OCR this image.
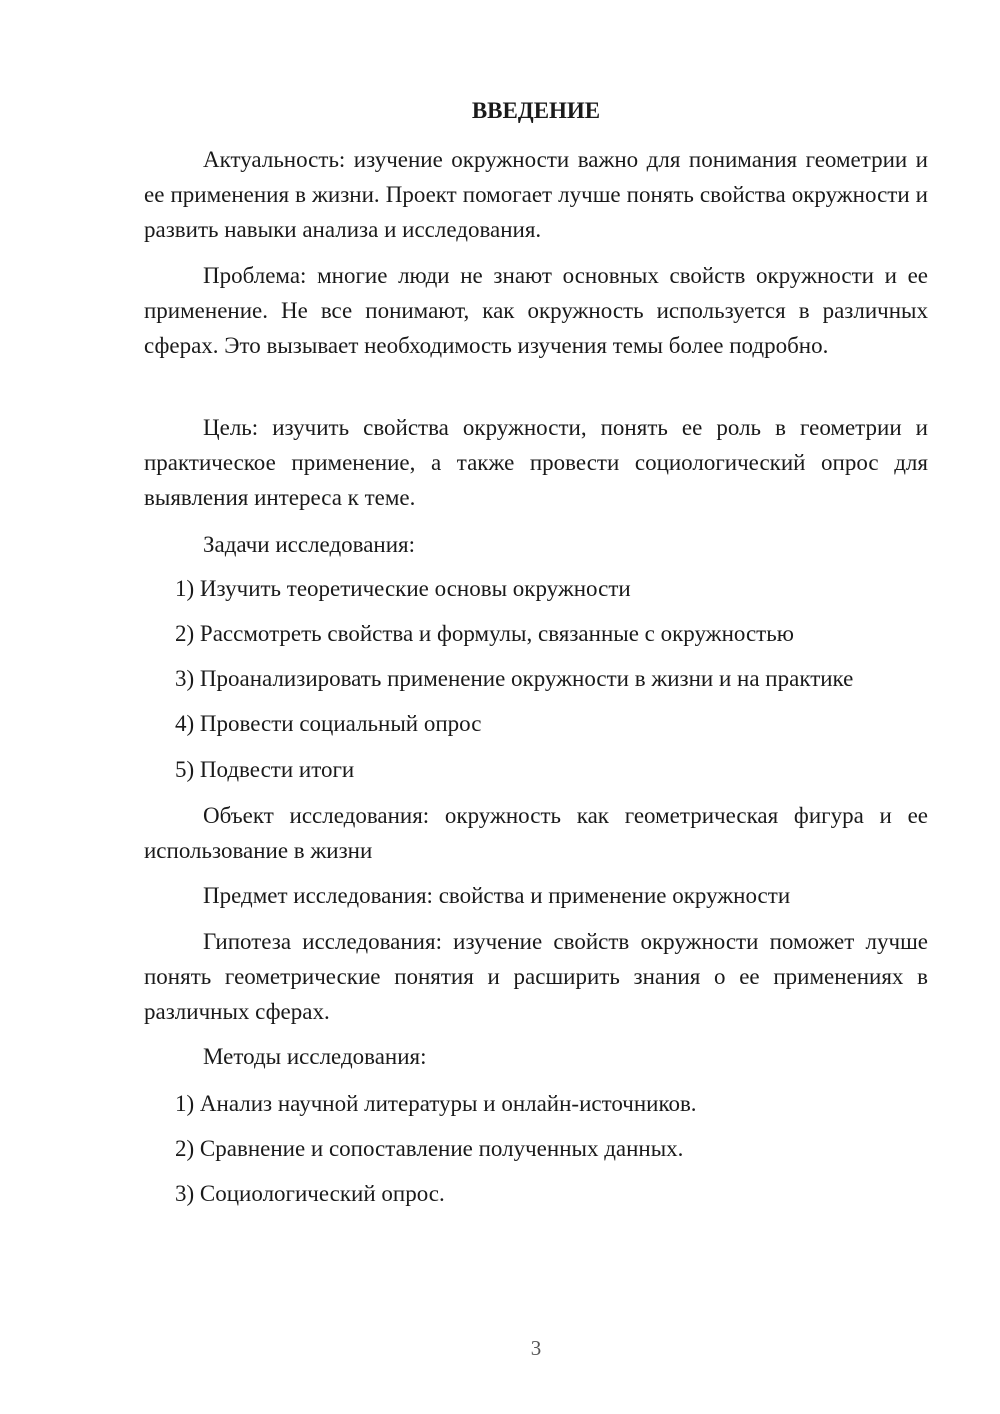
ВВЕДЕНИЕ

Актуальность: изучение окружности важно для понимания геометрии и ее применения в жизни. Проект помогает лучше понять свойства окружности и развить навыки анализа и исследования.

Проблема: многие люди не знают основных свойств окружности и ее применение. Не все понимают, как окружность используется в различных сферах. Это вызывает необходимость изучения темы более подробно.

Цель: изучить свойства окружности, понять ее роль в геометрии и практическое применение, а также провести социологический опрос для выявления интереса к теме.

Задачи исследования:

1) Изучить теоретические основы окружности

2) Рассмотреть свойства и формулы, связанные с окружностью

3) Проанализировать применение окружности в жизни и на практике

4) Провести социальный опрос

5) Подвести итоги

Объект исследования: окружность как геометрическая фигура и ее использование в жизни

Предмет исследования: свойства и применение окружности

Гипотеза исследования: изучение свойств окружности поможет лучше понять геометрические понятия и расширить знания о ее применениях в различных сферах.

Методы исследования:

1) Анализ научной литературы и онлайн-источников.

2) Сравнение и сопоставление полученных данных.

3) Социологический опрос.

3
